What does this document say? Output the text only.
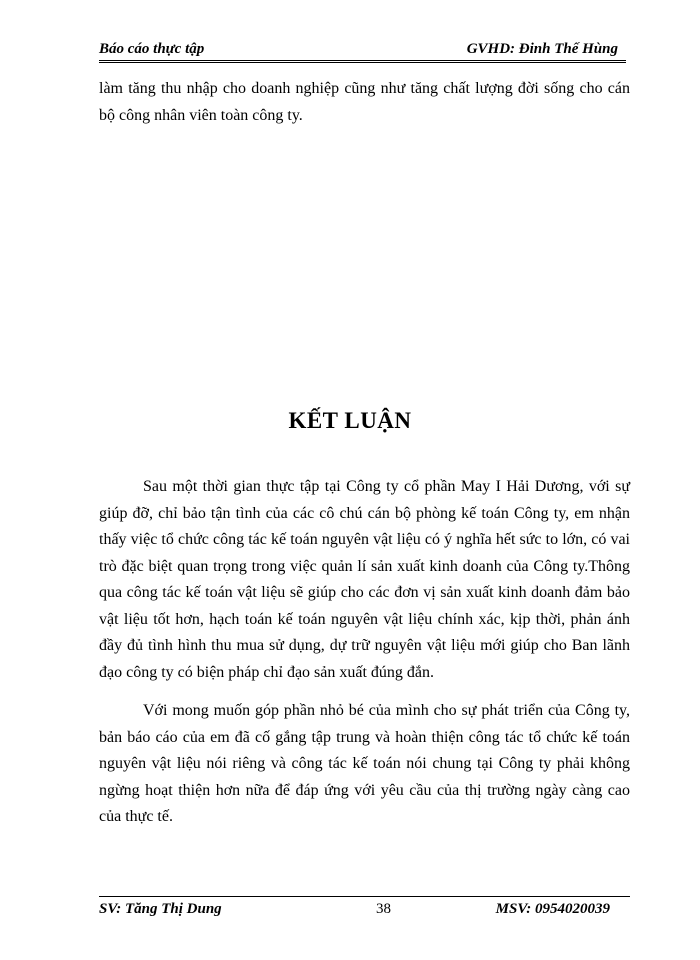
Báo cáo thực tập	GVHD: Đinh Thế Hùng

làm tăng thu nhập cho doanh nghiệp cũng như tăng chất lượng đời sống cho cán bộ công nhân viên toàn công ty.

KẾT LUẬN

Sau một thời gian thực tập tại Công ty cổ phần May I Hải Dương, với sự giúp đỡ, chỉ bảo tận tình của các cô chú cán bộ phòng kế toán Công ty, em nhận thấy việc tổ chức công tác kế toán nguyên vật liệu có ý nghĩa hết sức to lớn, có vai trò đặc biệt quan trọng trong việc quản lí sản xuất kinh doanh của Công ty.Thông qua công tác kế toán vật liệu sẽ giúp cho các đơn vị sản xuất kinh doanh đảm bảo vật liệu tốt hơn, hạch toán kế toán nguyên vật liệu chính xác, kịp thời, phản ánh đầy đủ tình hình thu mua sử dụng, dự trữ nguyên vật liệu mới giúp cho Ban lãnh đạo công ty có biện pháp chỉ đạo sản xuất đúng đắn.

Với mong muốn góp phần nhỏ bé của mình cho sự phát triển của Công ty, bản báo cáo của em đã cố gắng tập trung và hoàn thiện công tác tổ chức kế toán nguyên vật liệu nói riêng và công tác kế toán nói chung tại Công ty phải không ngừng hoạt thiện hơn nữa để đáp ứng với yêu cầu của thị trường ngày càng cao của thực tế.

SV: Tăng Thị Dung	38	MSV: 0954020039
